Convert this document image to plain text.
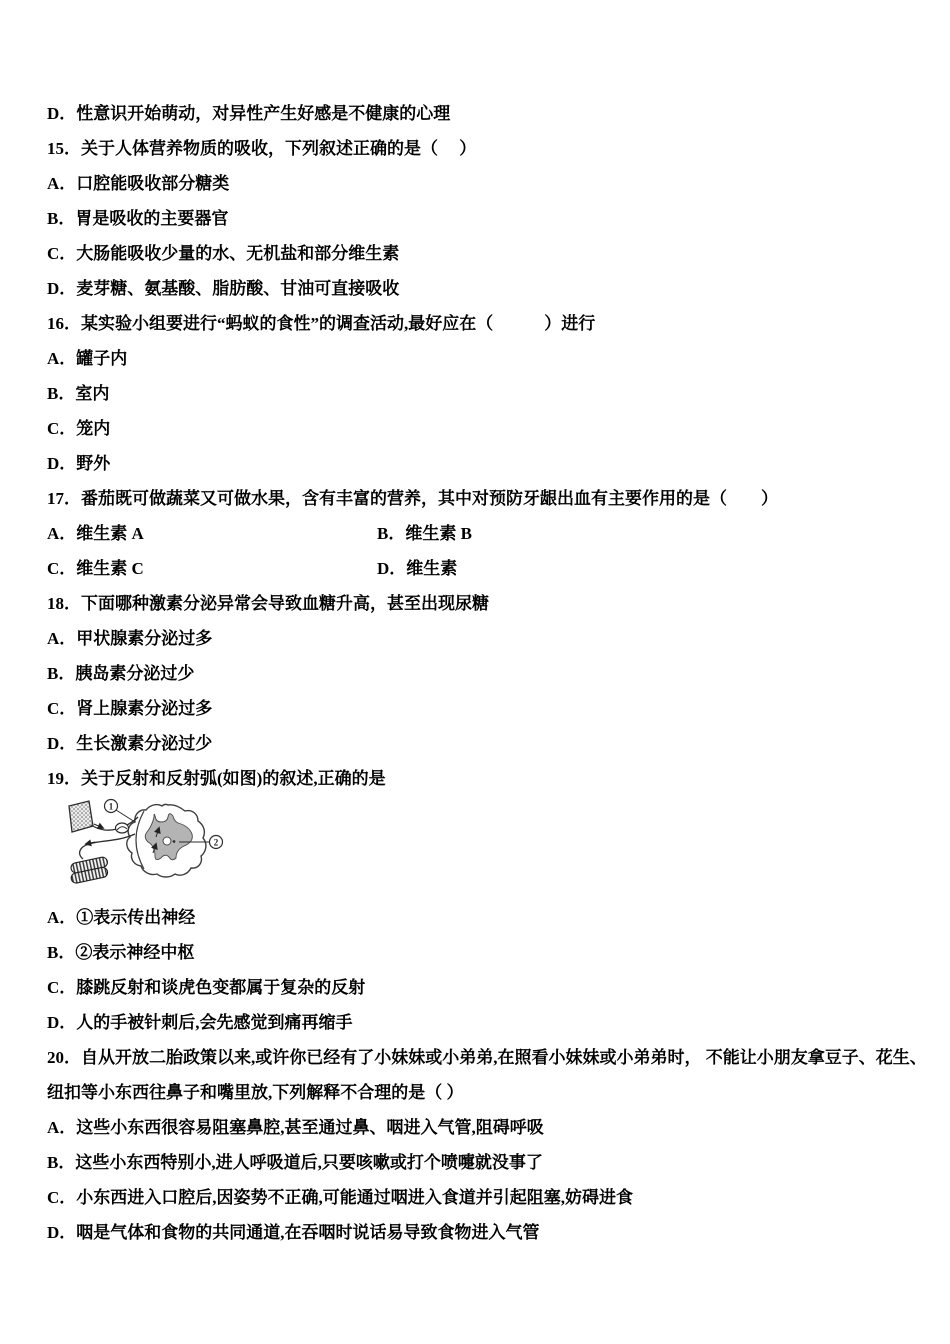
D．性意识开始萌动，对异性产生好感是不健康的心理
15．关于人体营养物质的吸收，下列叙述正确的是（　 ）
A．口腔能吸收部分糖类
B．胃是吸收的主要器官
C．大肠能吸收少量的水、无机盐和部分维生素
D．麦芽糖、氨基酸、脂肪酸、甘油可直接吸收
16．某实验小组要进行“蚂蚁的食性”的调查活动,最好应在（　　　）进行
A．罐子内
B．室内
C．笼内
D．野外
17．番茄既可做蔬菜又可做水果，含有丰富的营养，其中对预防牙龈出血有主要作用的是（　　）
A．维生素 A	B．维生素 B
C．维生素 C	D．维生素
18．下面哪种激素分泌异常会导致血糖升高，甚至出现尿糖
A．甲状腺素分泌过多
B．胰岛素分泌过少
C．肾上腺素分泌过多
D．生长激素分泌过少
19．关于反射和反射弧(如图)的叙述,正确的是
1
2
A．①表示传出神经
B．②表示神经中枢
C．膝跳反射和谈虎色变都属于复杂的反射
D．人的手被针刺后,会先感觉到痛再缩手
20．自从开放二胎政策以来,或许你已经有了小妹妹或小弟弟,在照看小妹妹或小弟弟时， 不能让小朋友拿豆子、花生、
纽扣等小东西往鼻子和嘴里放,下列解释不合理的是（ ）
A．这些小东西很容易阻塞鼻腔,甚至通过鼻、咽进入气管,阻碍呼吸
B．这些小东西特别小,进人呼吸道后,只要咳嗽或打个喷嚏就没事了
C．小东西进入口腔后,因姿势不正确,可能通过咽进入食道并引起阻塞,妨碍进食
D．咽是气体和食物的共同通道,在吞咽时说话易导致食物进入气管
